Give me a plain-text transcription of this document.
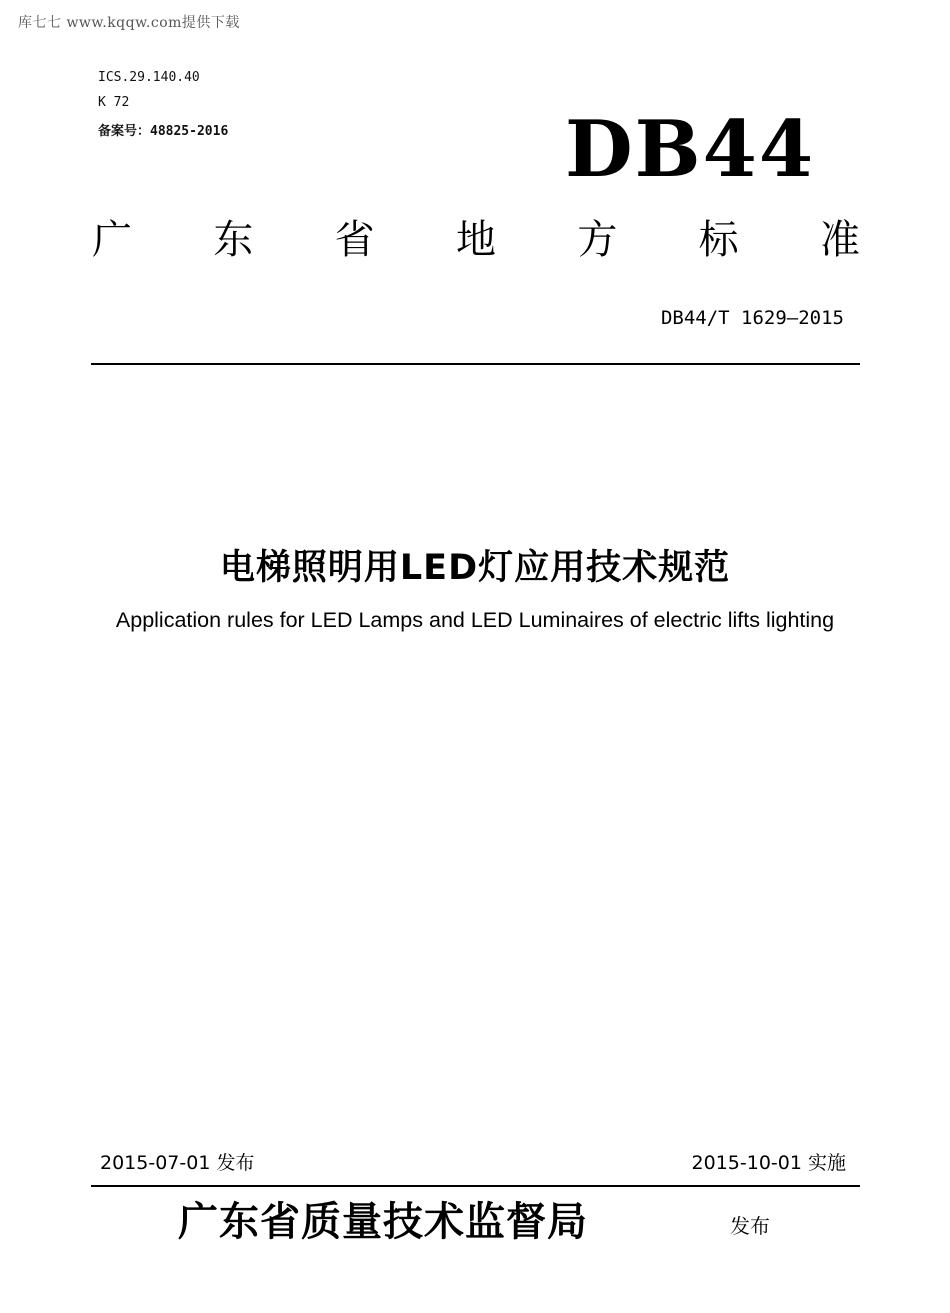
库七七 www.kqqw.com提供下载
ICS.29.140.40
K 72
备案号：48825-2016	DB44
广 东 省 地 方 标 准
DB44/T 1629—2015
电梯照明用LED灯应用技术规范
Application rules for LED Lamps and LED Luminaires of electric lifts lighting
2015-07-01 发布	2015-10-01 实施
广东省质量技术监督局	发布
